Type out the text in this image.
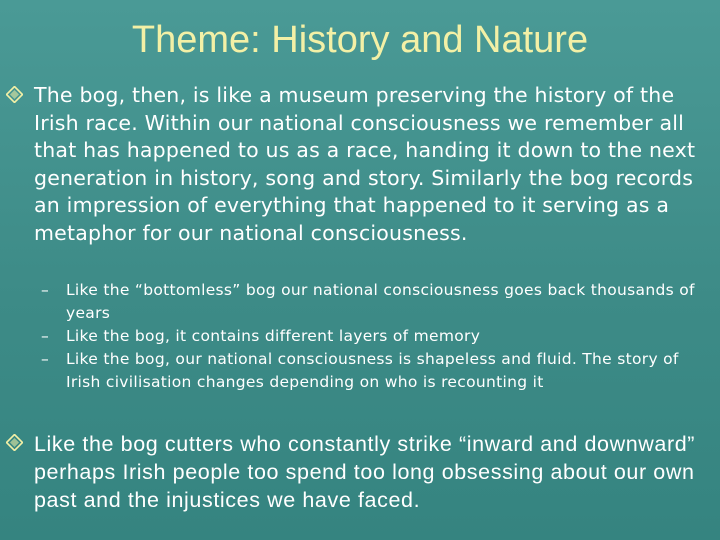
Theme: History and Nature
The bog, then, is like a museum preserving the history of the Irish race. Within our national consciousness we remember all that has happened to us as a race, handing it down to the next generation in history, song and story. Similarly the bog records an impression of everything that happened to it serving as a metaphor for our national consciousness.
– Like the “bottomless” bog our national consciousness goes back thousands of years
– Like the bog, it contains different layers of memory
– Like the bog, our national consciousness is shapeless and fluid. The story of Irish civilisation changes depending on who is recounting it
Like the bog cutters who constantly strike “inward and downward” perhaps Irish people too spend too long obsessing about our own past and the injustices we have faced.
